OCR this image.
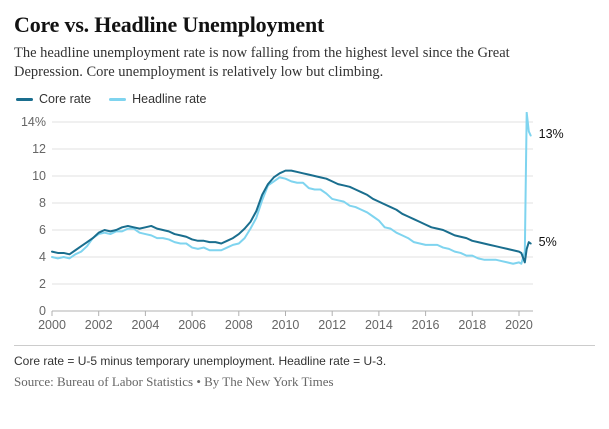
Core vs. Headline Unemployment

The headline unemployment rate is now falling from the highest level since the Great Depression. Core unemployment is relatively low but climbing.

Core rate	Headline rate
0
2
4
6
8
10
12
14%
2000 2002 2004 2006 2008 2010 2012 2014 2016 2018 2020
13%
5%
Core rate = U-5 minus temporary unemployment. Headline rate = U-3.
Source: Bureau of Labor Statistics • By The New York Times
